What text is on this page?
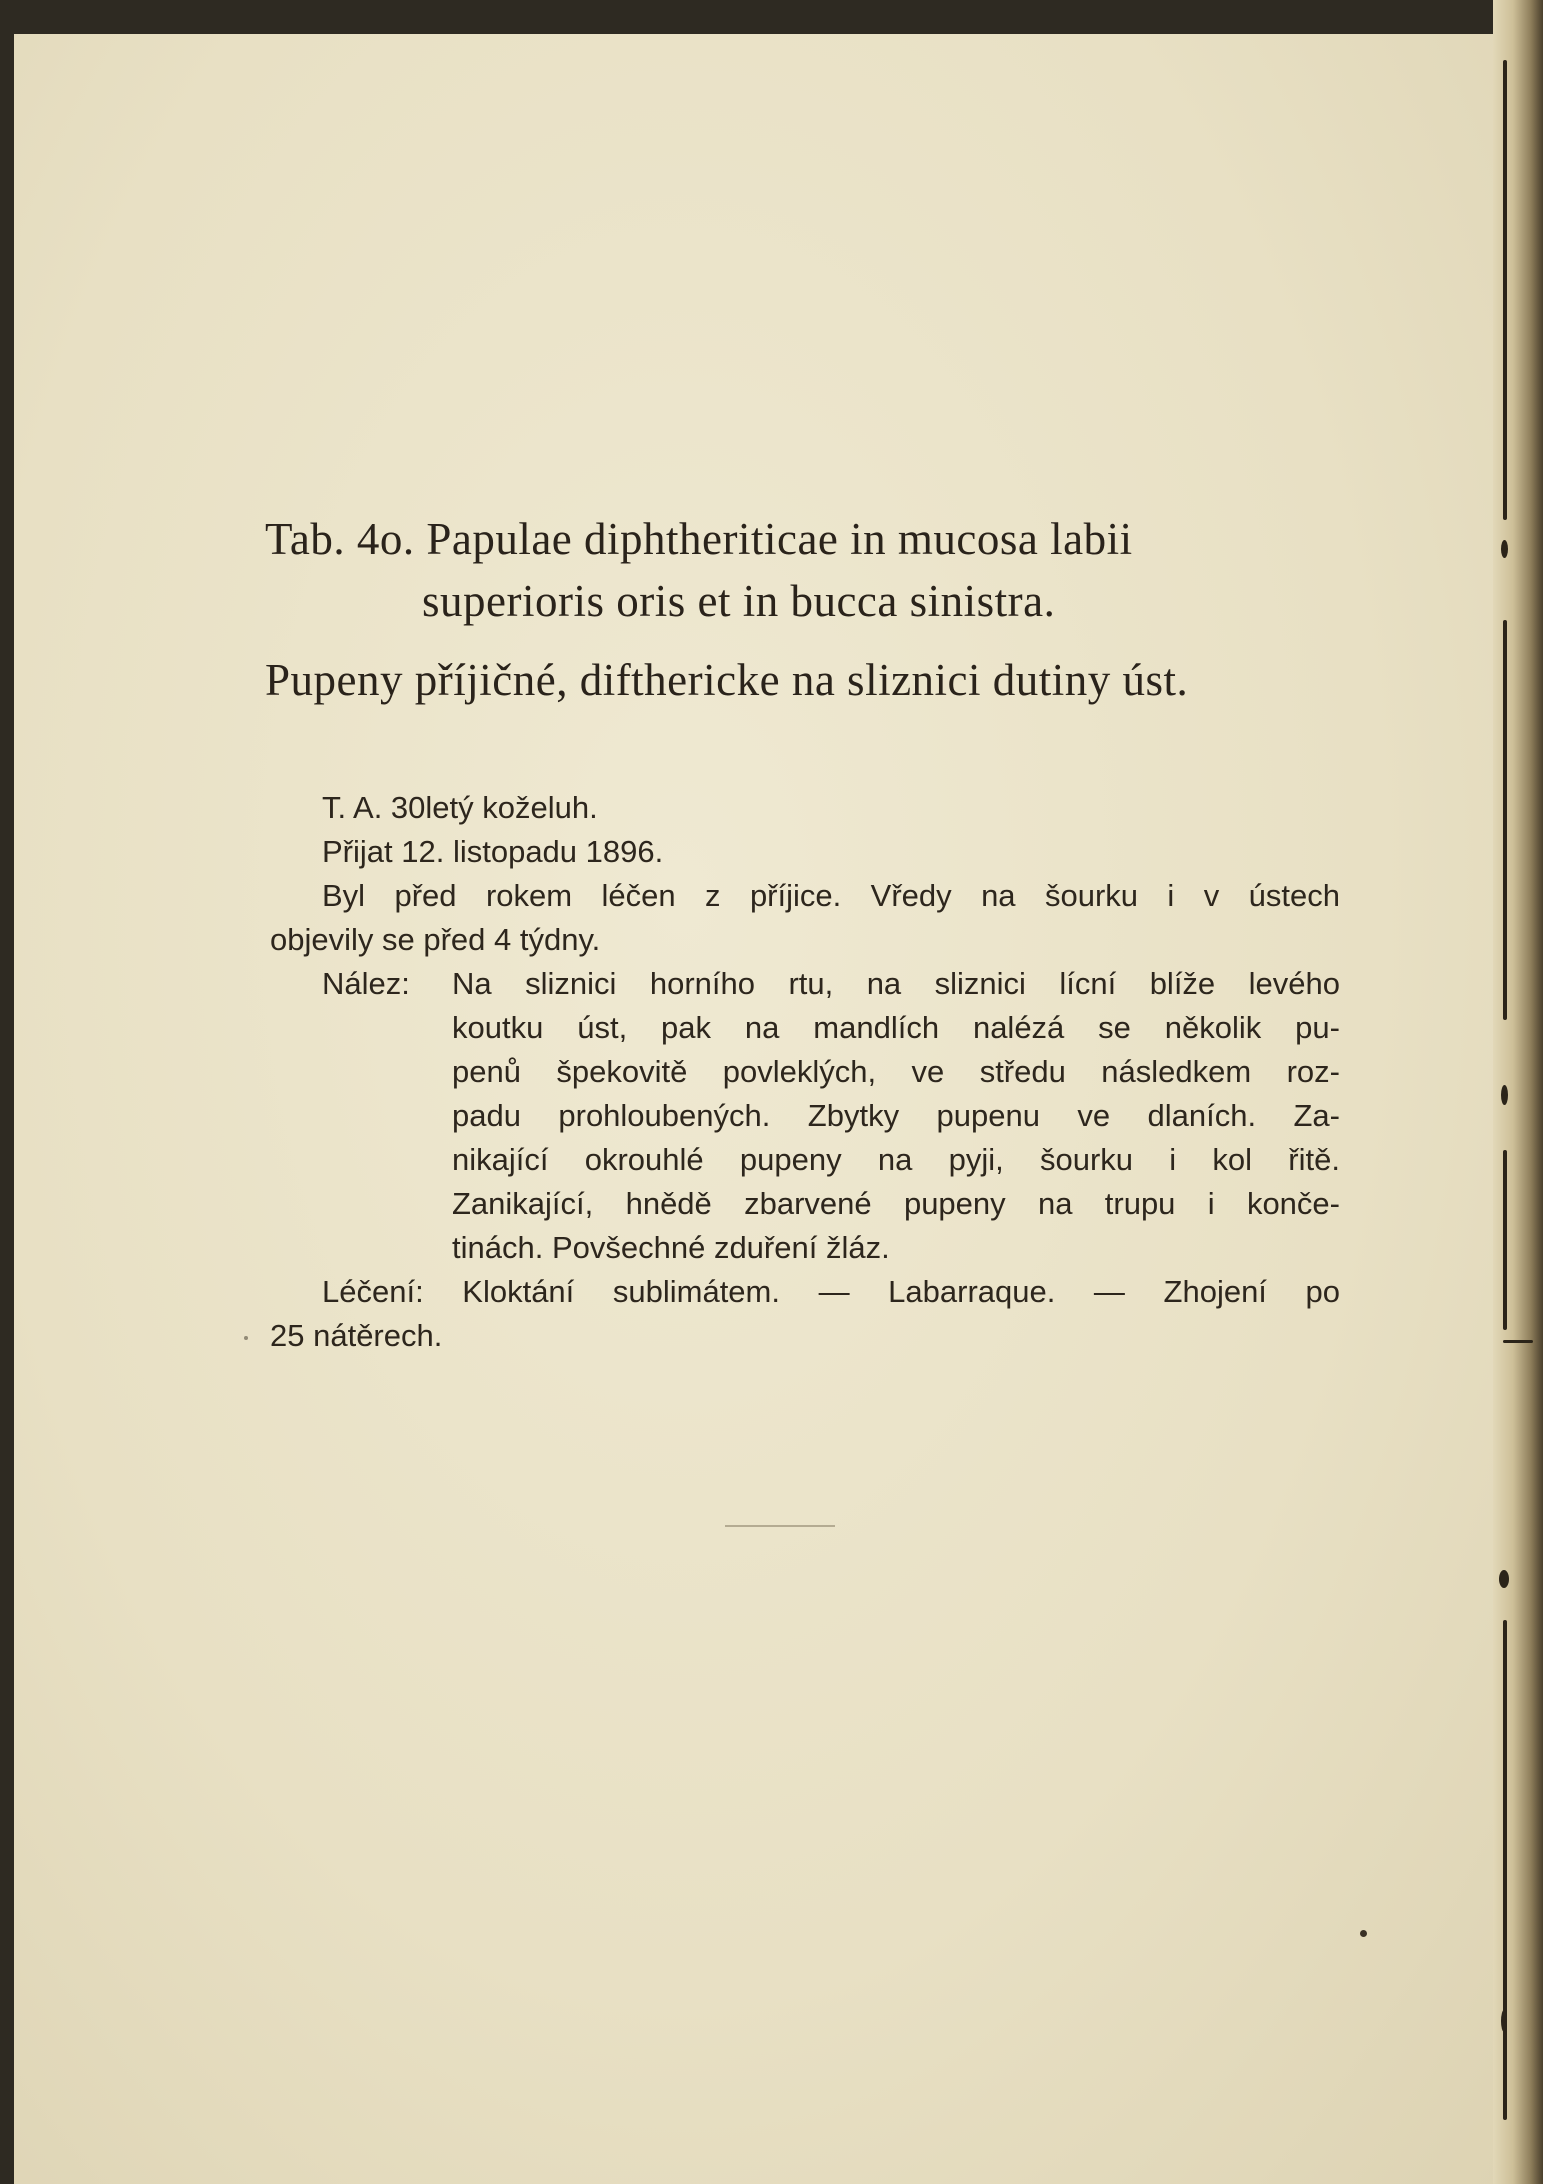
Tab. 4o. Papulae diphtheriticae in mucosa labii
superioris oris et in bucca sinistra.
Pupeny příjičné, difthericke na sliznici dutiny úst.
T. A. 30letý koželuh.
Přijat 12. listopadu 1896.
Byl před rokem léčen z příjice. Vředy na šourku i v ústech
objevily se před 4 týdny.
Nález:	Na sliznici horního rtu, na sliznici lícní blíže levého
koutku úst, pak na mandlích nalézá se několik pu-
penů špekovitě povleklých, ve středu následkem roz-
padu prohloubených. Zbytky pupenu ve dlaních. Za-
nikající okrouhlé pupeny na pyji, šourku i kol řitě.
Zanikající, hnědě zbarvené pupeny na trupu i konče-
tinách. Povšechné zduření žláz.
Léčení: Kloktání sublimátem. — Labarraque. — Zhojení po
25 nátěrech.
